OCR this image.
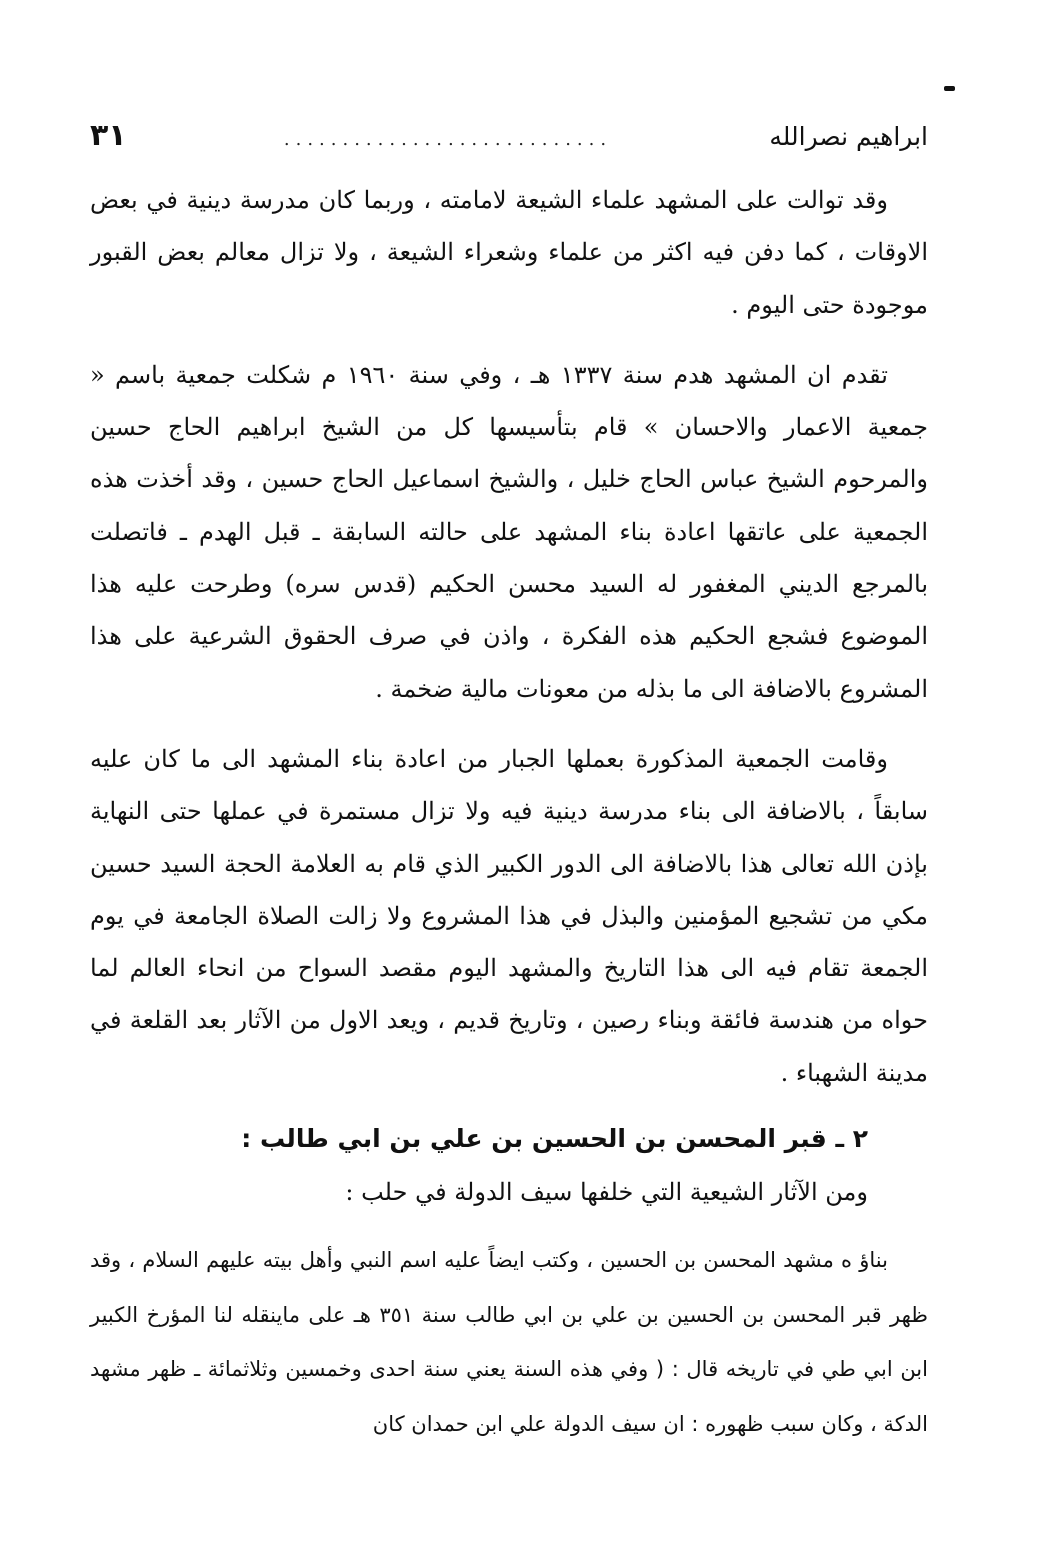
ابراهيم نصرالله
............................
٣١

وقد توالت على المشهد علماء الشيعة لامامته ، وربما كان مدرسة دينية في بعض الاوقات ، كما دفن فيه اكثر من علماء وشعراء الشيعة ، ولا تزال معالم بعض القبور موجودة حتى اليوم .

تقدم ان المشهد هدم سنة ١٣٣٧ هـ ، وفي سنة ١٩٦٠ م شكلت جمعية باسم « جمعية الاعمار والاحسان » قام بتأسيسها كل من الشيخ ابراهيم الحاج حسين والمرحوم الشيخ عباس الحاج خليل ، والشيخ اسماعيل الحاج حسين ، وقد أخذت هذه الجمعية على عاتقها اعادة بناء المشهد على حالته السابقة ـ قبل الهدم ـ فاتصلت بالمرجع الديني المغفور له السيد محسن الحكيم (قدس سره) وطرحت عليه هذا الموضوع فشجع الحكيم هذه الفكرة ، واذن في صرف الحقوق الشرعية على هذا المشروع بالاضافة الى ما بذله من معونات مالية ضخمة .

وقامت الجمعية المذكورة بعملها الجبار من اعادة بناء المشهد الى ما كان عليه سابقاً ، بالاضافة الى بناء مدرسة دينية فيه ولا تزال مستمرة في عملها حتى النهاية بإذن الله تعالى هذا بالاضافة الى الدور الكبير الذي قام به العلامة الحجة السيد حسين مكي من تشجيع المؤمنين والبذل في هذا المشروع ولا زالت الصلاة الجامعة في يوم الجمعة تقام فيه الى هذا التاريخ والمشهد اليوم مقصد السواح من انحاء العالم لما حواه من هندسة فائقة وبناء رصين ، وتاريخ قديم ، ويعد الاول من الآثار بعد القلعة في مدينة الشهباء .

٢ ـ قبر المحسن بن الحسين بن علي بن ابي طالب :

ومن الآثار الشيعية التي خلفها سيف الدولة في حلب :

بناؤ ه مشهد المحسن بن الحسين ، وكتب ايضاً عليه اسم النبي وأهل بيته عليهم السلام ، وقد ظهر قبر المحسن بن الحسين بن علي بن ابي طالب سنة ٣٥١ هـ على ماينقله لنا المؤرخ الكبير ابن ابي طي في تاريخه قال : ( وفي هذه السنة يعني سنة احدى وخمسين وثلاثمائة ـ ظهر مشهد الدكة ، وكان سبب ظهوره : ان سيف الدولة علي ابن حمدان كان
